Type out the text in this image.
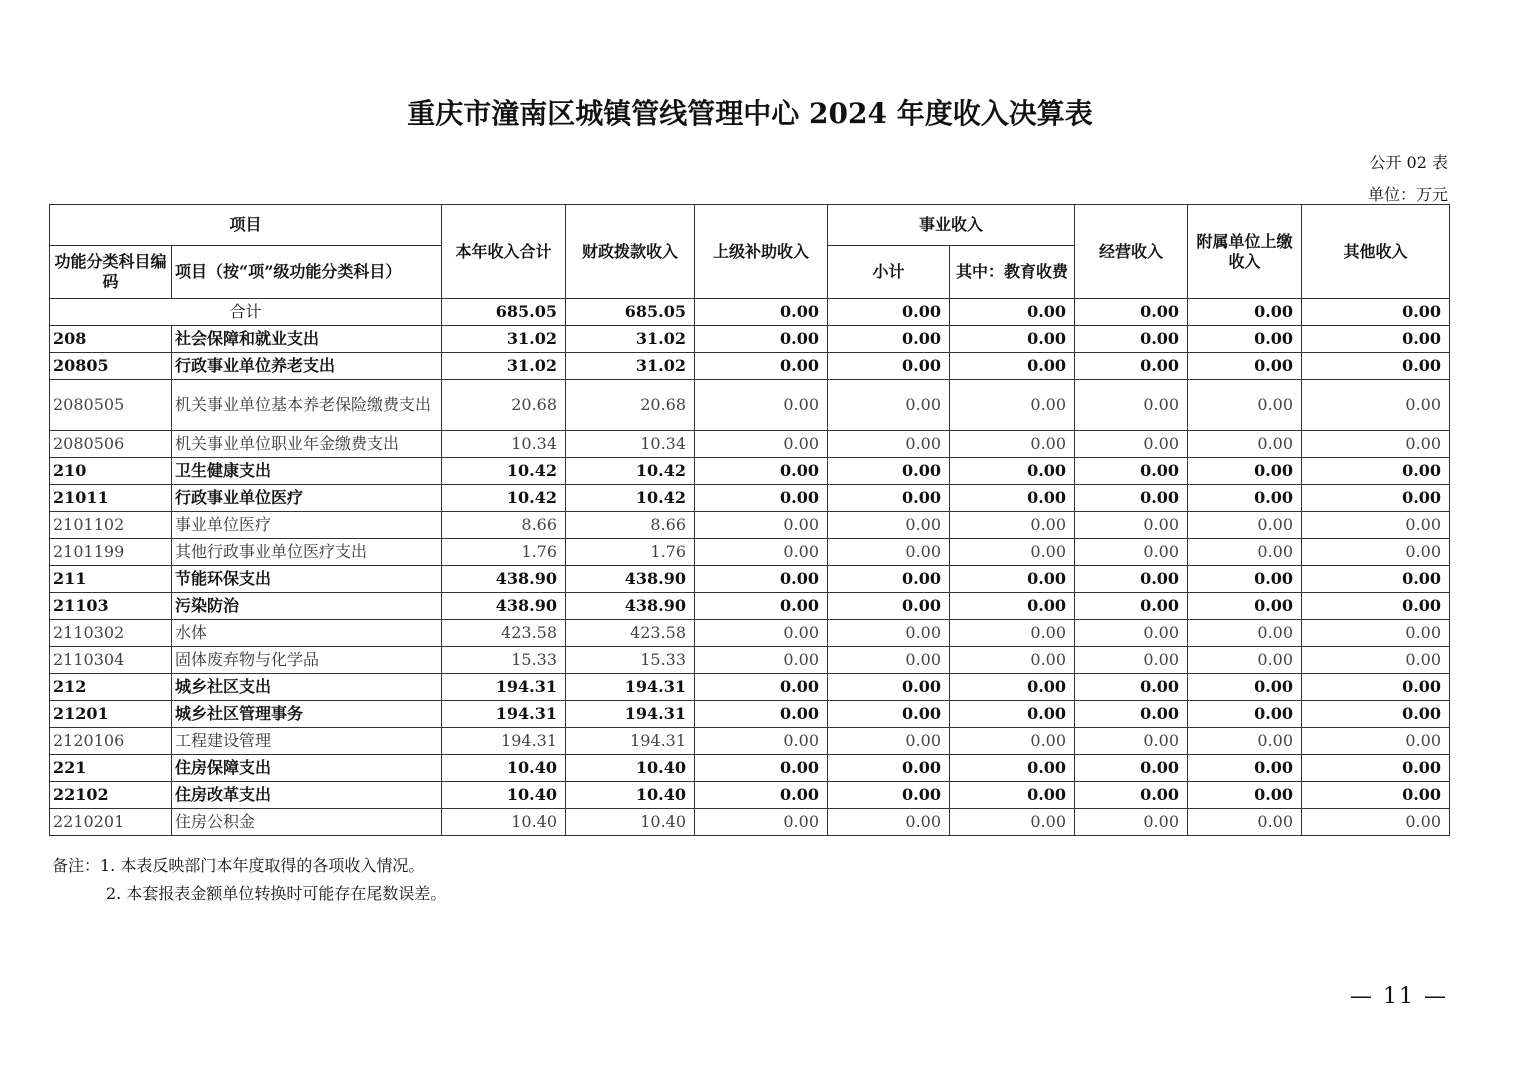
重庆市潼南区城镇管线管理中心 2024 年度收入决算表
公开 02 表
单位：万元
项目		本年收入合计	财政拨款收入	上级补助收入	事业收入		经营收入	附属单位上缴收入	其他收入
功能分类科目编码	项目（按“项”级功能分类科目）				小计	其中：教育收费			
合计		685.05	685.05	0.00	0.00	0.00	0.00	0.00	0.00
208	社会保障和就业支出	31.02	31.02	0.00	0.00	0.00	0.00	0.00	0.00
20805	行政事业单位养老支出	31.02	31.02	0.00	0.00	0.00	0.00	0.00	0.00
2080505	机关事业单位基本养老保险缴费支出	20.68	20.68	0.00	0.00	0.00	0.00	0.00	0.00
2080506	机关事业单位职业年金缴费支出	10.34	10.34	0.00	0.00	0.00	0.00	0.00	0.00
210	卫生健康支出	10.42	10.42	0.00	0.00	0.00	0.00	0.00	0.00
21011	行政事业单位医疗	10.42	10.42	0.00	0.00	0.00	0.00	0.00	0.00
2101102	事业单位医疗	8.66	8.66	0.00	0.00	0.00	0.00	0.00	0.00
2101199	其他行政事业单位医疗支出	1.76	1.76	0.00	0.00	0.00	0.00	0.00	0.00
211	节能环保支出	438.90	438.90	0.00	0.00	0.00	0.00	0.00	0.00
21103	污染防治	438.90	438.90	0.00	0.00	0.00	0.00	0.00	0.00
2110302	水体	423.58	423.58	0.00	0.00	0.00	0.00	0.00	0.00
2110304	固体废弃物与化学品	15.33	15.33	0.00	0.00	0.00	0.00	0.00	0.00
212	城乡社区支出	194.31	194.31	0.00	0.00	0.00	0.00	0.00	0.00
21201	城乡社区管理事务	194.31	194.31	0.00	0.00	0.00	0.00	0.00	0.00
2120106	工程建设管理	194.31	194.31	0.00	0.00	0.00	0.00	0.00	0.00
221	住房保障支出	10.40	10.40	0.00	0.00	0.00	0.00	0.00	0.00
22102	住房改革支出	10.40	10.40	0.00	0.00	0.00	0.00	0.00	0.00
2210201	住房公积金	10.40	10.40	0.00	0.00	0.00	0.00	0.00	0.00
备注：1. 本表反映部门本年度取得的各项收入情况。
2. 本套报表金额单位转换时可能存在尾数误差。
— 11 —
